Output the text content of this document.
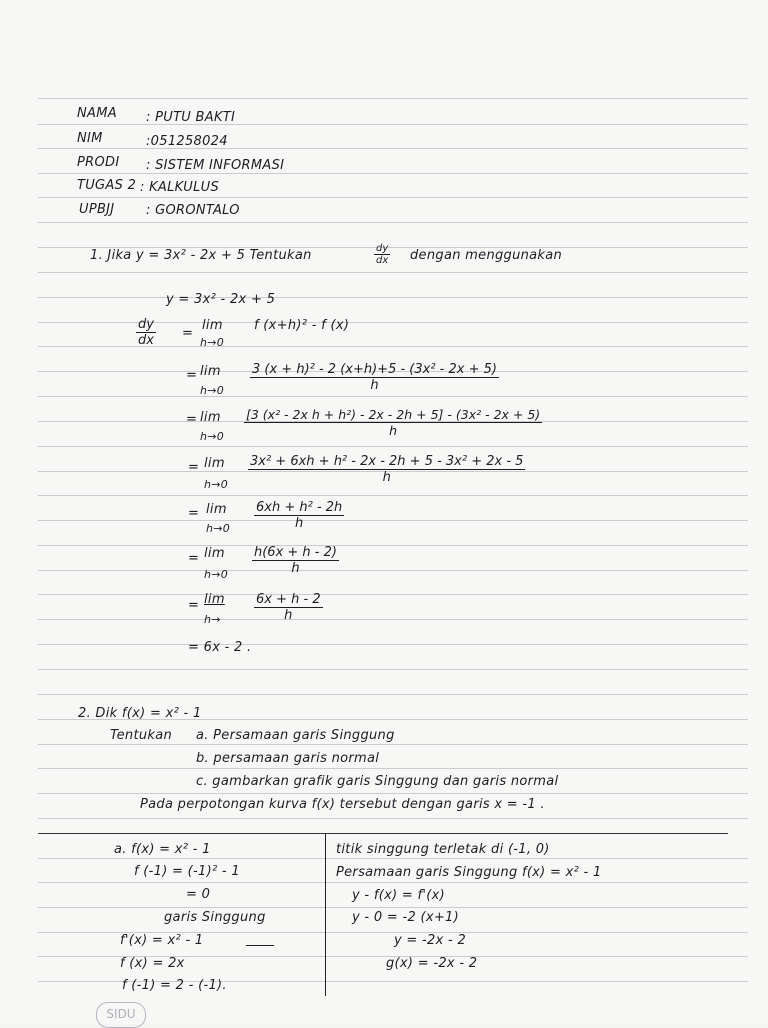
NAMA : PUTU BAKTI
NIM	:051258024
PRODI : SISTEM INFORMASI
TUGAS 2 : KALKULUS
UPBJJ : GORONTALO
1. Jika y = 3x² - 2x + 5 Tentukan	$\frac{dy}{dx}$ dengan menggunakan
y = 3x² - 2x + 5
$\frac{dy}{dx}$ =
lim
h→0
f (x+h)² - f (x)
= lim
$h\to 0 \frac{\text{3 (x + h)² - 2 (x+h)+5 - (3x² - 2x + 5)}}{h}$
= lim
$h\to 0 \frac{\text{[3 (x² - 2x h + h²) - 2x - 2h + 5] - (3x² - 2x + 5)}}{h}$
= lim
$h\to 0 \frac{\text{3x² + 6xh + h² - 2x - 2h + 5 - 3x² + 2x - 5}}{h}$
= lim
$h\to 0 \frac{\text{6xh + h² - 2h}}{h}$
= lim
$h\to 0 \frac{h(6x + h - 2)}{h}$
= lim
h→	$\frac{6x + h - 2}{h}$
= 6x - 2 .
2. Dik f(x) = x² - 1
Tentukan a. Persamaan garis Singgung
b. persamaan garis normal
c. gambarkan grafik garis Singgung dan garis normal
Pada perpotongan kurva f(x) tersebut dengan garis x = -1 .
a. f(x) = x² - 1
f (-1) = (-1)² - 1
= 0
garis Singgung
f'(x) = x² - 1
f (x) = 2x
f (-1) = 2 - (-1).
titik singgung terletak di (-1, 0)
Persamaan garis Singgung f(x) = x² - 1
y - f(x) = f'(x)
y - 0 = -2 (x+1)
y = -2x - 2
g(x) = -2x - 2
SIDU
